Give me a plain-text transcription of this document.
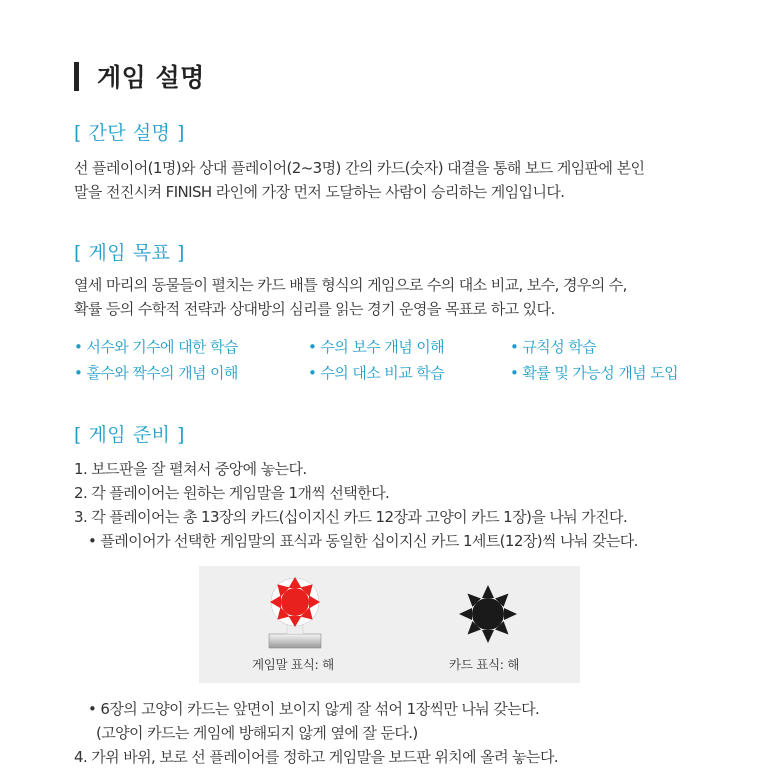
게임 설명
[ 간단 설명 ]
선 플레이어(1명)와 상대 플레이어(2~3명) 간의 카드(숫자) 대결을 통해 보드 게임판에 본인
말을 전진시켜 FINISH 라인에 가장 먼저 도달하는 사람이 승리하는 게임입니다.
[ 게임 목표 ]
열세 마리의 동물들이 펼치는 카드 배틀 형식의 게임으로 수의 대소 비교, 보수, 경우의 수,
확률 등의 수학적 전략과 상대방의 심리를 읽는 경기 운영을 목표로 하고 있다.
• 서수와 기수에 대한 학습	• 수의 보수 개념 이해	• 규칙성 학습
• 홀수와 짝수의 개념 이해	• 수의 대소 비교 학습	• 확률 및 가능성 개념 도입
[ 게임 준비 ]
1. 보드판을 잘 펼쳐서 중앙에 놓는다.
2. 각 플레이어는 원하는 게임말을 1개씩 선택한다.
3. 각 플레이어는 총 13장의 카드(십이지신 카드 12장과 고양이 카드 1장)을 나눠 가진다.
• 플레이어가 선택한 게임말의 표식과 동일한 십이지신 카드 1세트(12장)씩 나눠 갖는다.
게임말 표식: 해	카드 표식: 해
• 6장의 고양이 카드는 앞면이 보이지 않게 잘 섞어 1장씩만 나눠 갖는다.
(고양이 카드는 게임에 방해되지 않게 옆에 잘 둔다.)
4. 가위 바위, 보로 선 플레이어를 정하고 게임말을 보드판 위치에 올려 놓는다.
